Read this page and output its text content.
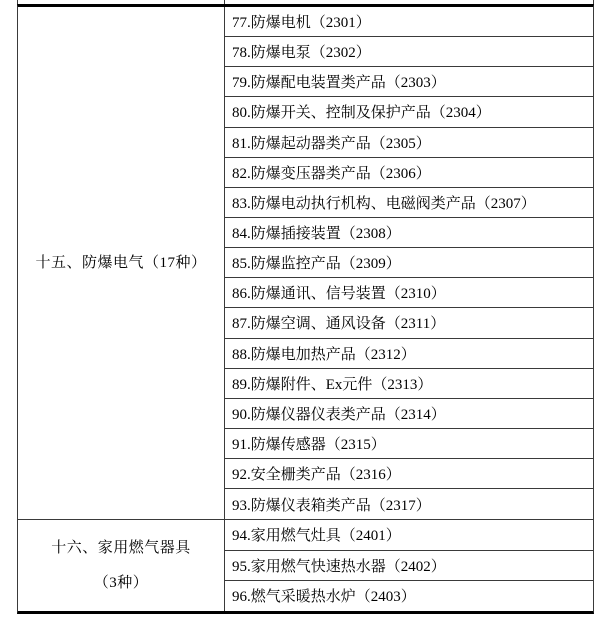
十五、防爆电气（17种）
77.防爆电机（2301）
78.防爆电泵（2302）
79.防爆配电装置类产品（2303）
80.防爆开关、控制及保护产品（2304）
81.防爆起动器类产品（2305）
82.防爆变压器类产品（2306）
83.防爆电动执行机构、电磁阀类产品（2307）
84.防爆插接装置（2308）
85.防爆监控产品（2309）
86.防爆通讯、信号装置（2310）
87.防爆空调、通风设备（2311）
88.防爆电加热产品（2312）
89.防爆附件、Ex元件（2313）
90.防爆仪器仪表类产品（2314）
91.防爆传感器（2315）
92.安全栅类产品（2316）
93.防爆仪表箱类产品（2317）
十六、家用燃气器具
（3种）
94.家用燃气灶具（2401）
95.家用燃气快速热水器（2402）
96.燃气采暖热水炉（2403）
